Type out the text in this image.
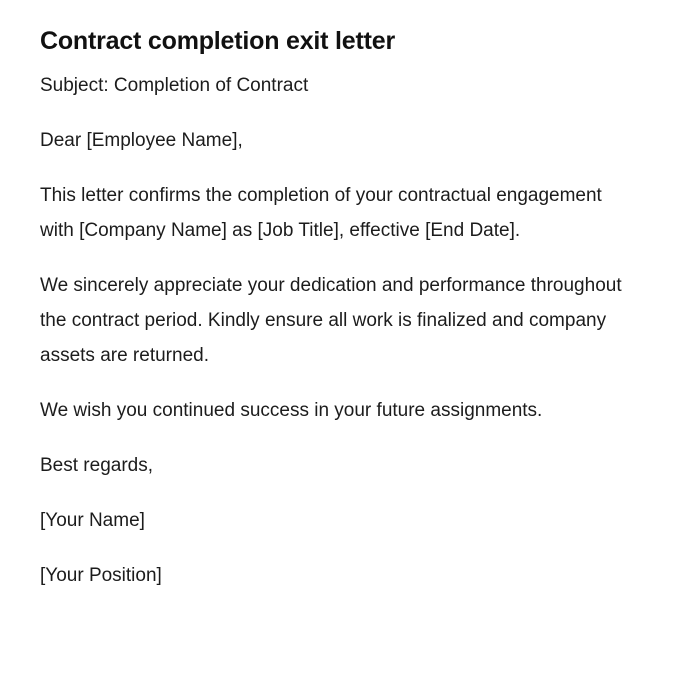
Contract completion exit letter

Subject: Completion of Contract

Dear [Employee Name],

This letter confirms the completion of your contractual engagement with [Company Name] as [Job Title], effective [End Date].

We sincerely appreciate your dedication and performance throughout the contract period. Kindly ensure all work is finalized and company assets are returned.

We wish you continued success in your future assignments.

Best regards,

[Your Name]

[Your Position]
